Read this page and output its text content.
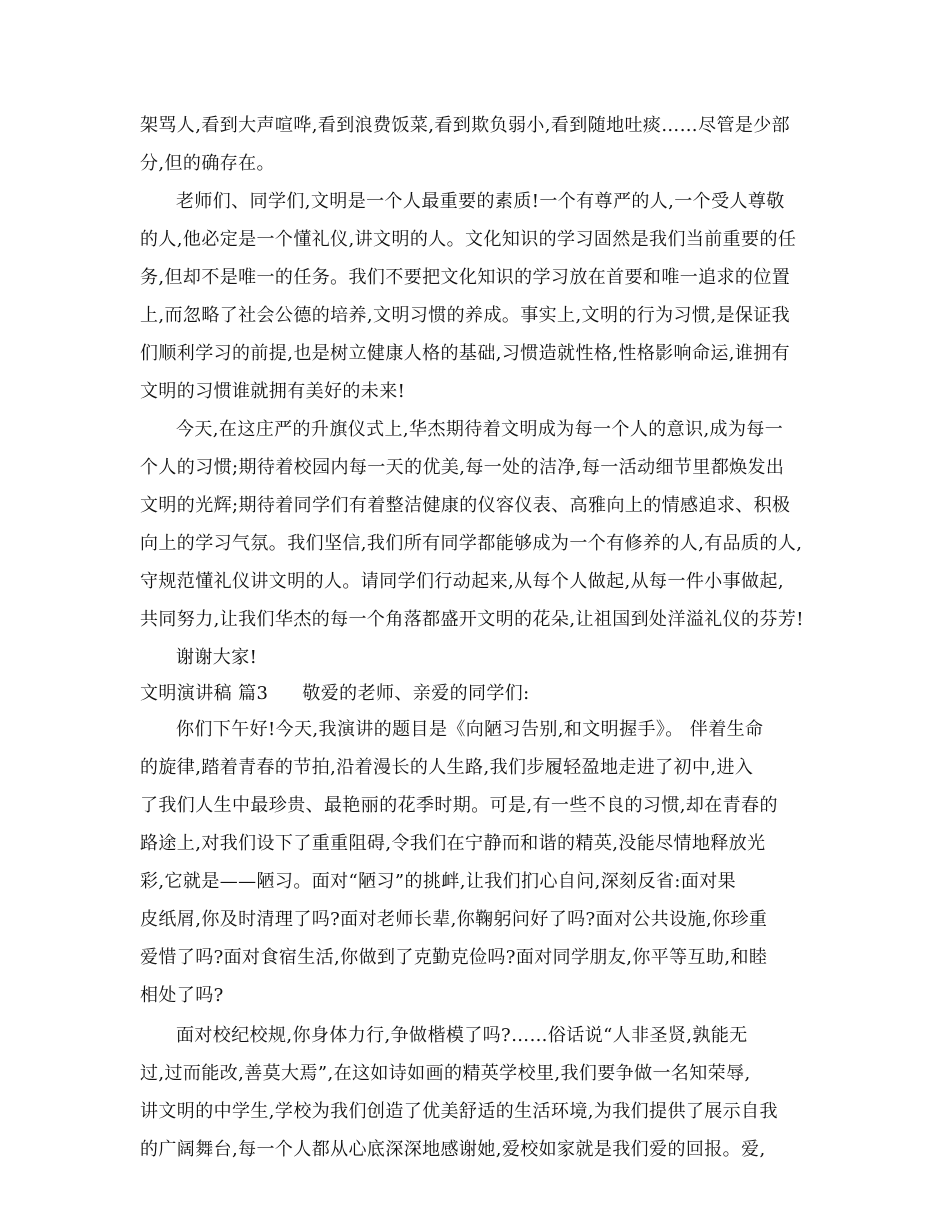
架骂人,看到大声喧哗,看到浪费饭菜,看到欺负弱小,看到随地吐痰……尽管是少部
分,但的确存在。
老师们、同学们,文明是一个人最重要的素质!一个有尊严的人,一个受人尊敬
的人,他必定是一个懂礼仪,讲文明的人。文化知识的学习固然是我们当前重要的任
务,但却不是唯一的任务。我们不要把文化知识的学习放在首要和唯一追求的位置
上,而忽略了社会公德的培养,文明习惯的养成。事实上,文明的行为习惯,是保证我
们顺利学习的前提,也是树立健康人格的基础,习惯造就性格,性格影响命运,谁拥有
文明的习惯谁就拥有美好的未来!
今天,在这庄严的升旗仪式上,华杰期待着文明成为每一个人的意识,成为每一
个人的习惯;期待着校园内每一天的优美,每一处的洁净,每一活动细节里都焕发出
文明的光辉;期待着同学们有着整洁健康的仪容仪表、高雅向上的情感追求、积极
向上的学习气氛。我们坚信,我们所有同学都能够成为一个有修养的人,有品质的人,
守规范懂礼仪讲文明的人。请同学们行动起来,从每个人做起,从每一件小事做起,
共同努力,让我们华杰的每一个角落都盛开文明的花朵,让祖国到处洋溢礼仪的芬芳!
谢谢大家!
文明演讲稿 篇3 敬爱的老师、亲爱的同学们:
你们下午好!今天,我演讲的题目是《向陋习告别,和文明握手》。 伴着生命
的旋律,踏着青春的节拍,沿着漫长的人生路,我们步履轻盈地走进了初中,进入
了我们人生中最珍贵、最艳丽的花季时期。可是,有一些不良的习惯,却在青春的
路途上,对我们设下了重重阻碍,令我们在宁静而和谐的精英,没能尽情地释放光
彩,它就是——陋习。面对“陋习”的挑衅,让我们扪心自问,深刻反省:面对果
皮纸屑,你及时清理了吗?面对老师长辈,你鞠躬问好了吗?面对公共设施,你珍重
爱惜了吗?面对食宿生活,你做到了克勤克俭吗?面对同学朋友,你平等互助,和睦
相处了吗?
面对校纪校规,你身体力行,争做楷模了吗?……俗话说“人非圣贤,孰能无
过,过而能改,善莫大焉”,在这如诗如画的精英学校里,我们要争做一名知荣辱,
讲文明的中学生,学校为我们创造了优美舒适的生活环境,为我们提供了展示自我
的广阔舞台,每一个人都从心底深深地感谢她,爱校如家就是我们爱的回报。爱,
